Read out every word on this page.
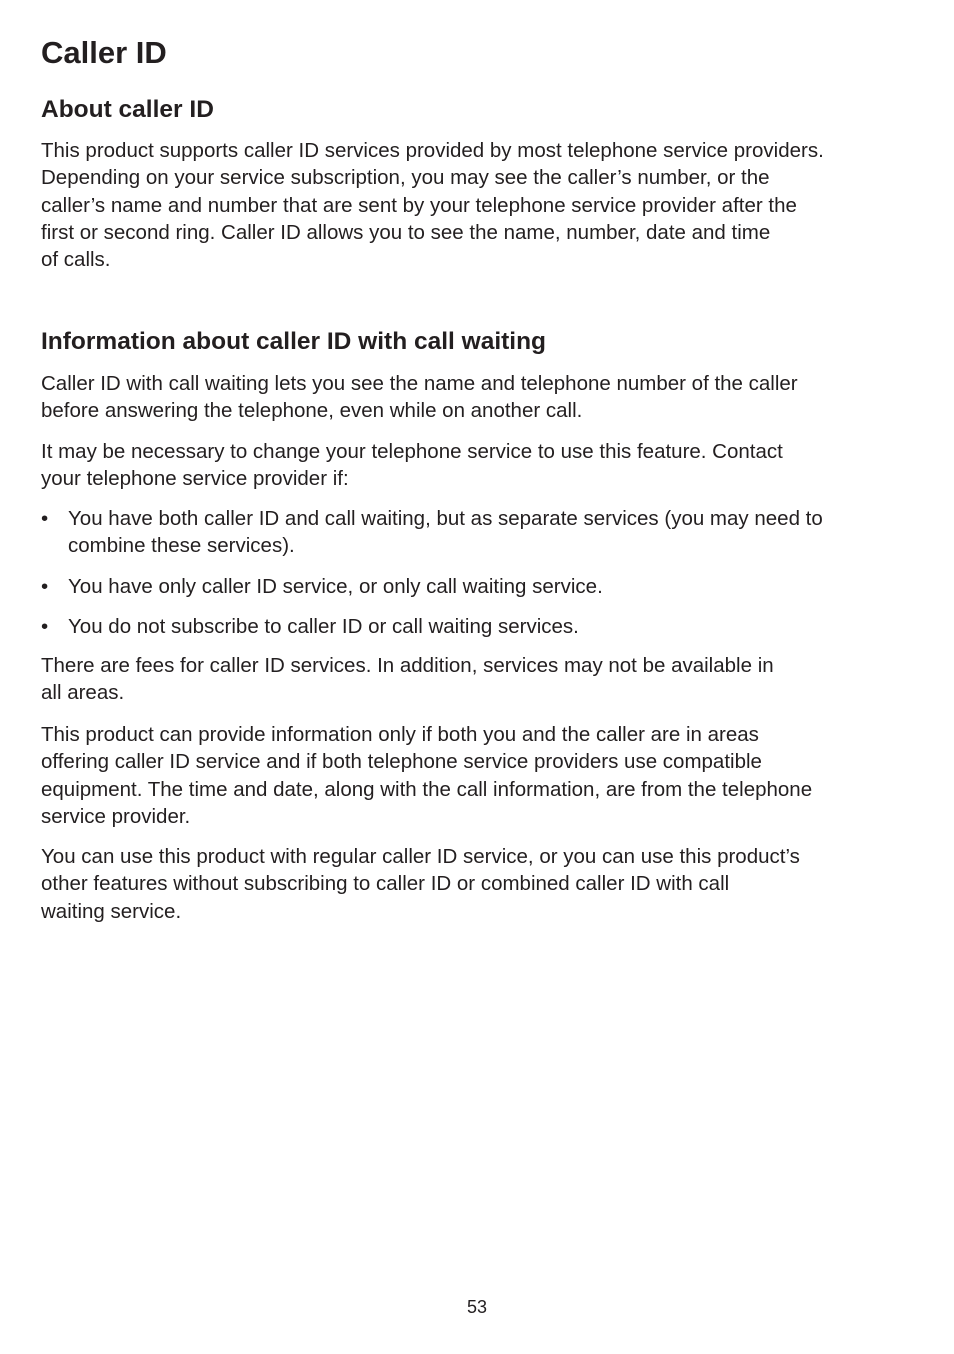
Caller ID
About caller ID

This product supports caller ID services provided by most telephone service providers.
Depending on your service subscription, you may see the caller’s number, or the
caller’s name and number that are sent by your telephone service provider after the
first or second ring. Caller ID allows you to see the name, number, date and time
of calls.

Information about caller ID with call waiting

Caller ID with call waiting lets you see the name and telephone number of the caller
before answering the telephone, even while on another call.

It may be necessary to change your telephone service to use this feature. Contact
your telephone service provider if:

• You have both caller ID and call waiting, but as separate services (you may need to
combine these services).
• You have only caller ID service, or only call waiting service.
• You do not subscribe to caller ID or call waiting services.

There are fees for caller ID services. In addition, services may not be available in
all areas.

This product can provide information only if both you and the caller are in areas
offering caller ID service and if both telephone service providers use compatible
equipment. The time and date, along with the call information, are from the telephone
service provider.

You can use this product with regular caller ID service, or you can use this product’s
other features without subscribing to caller ID or combined caller ID with call
waiting service.

53
